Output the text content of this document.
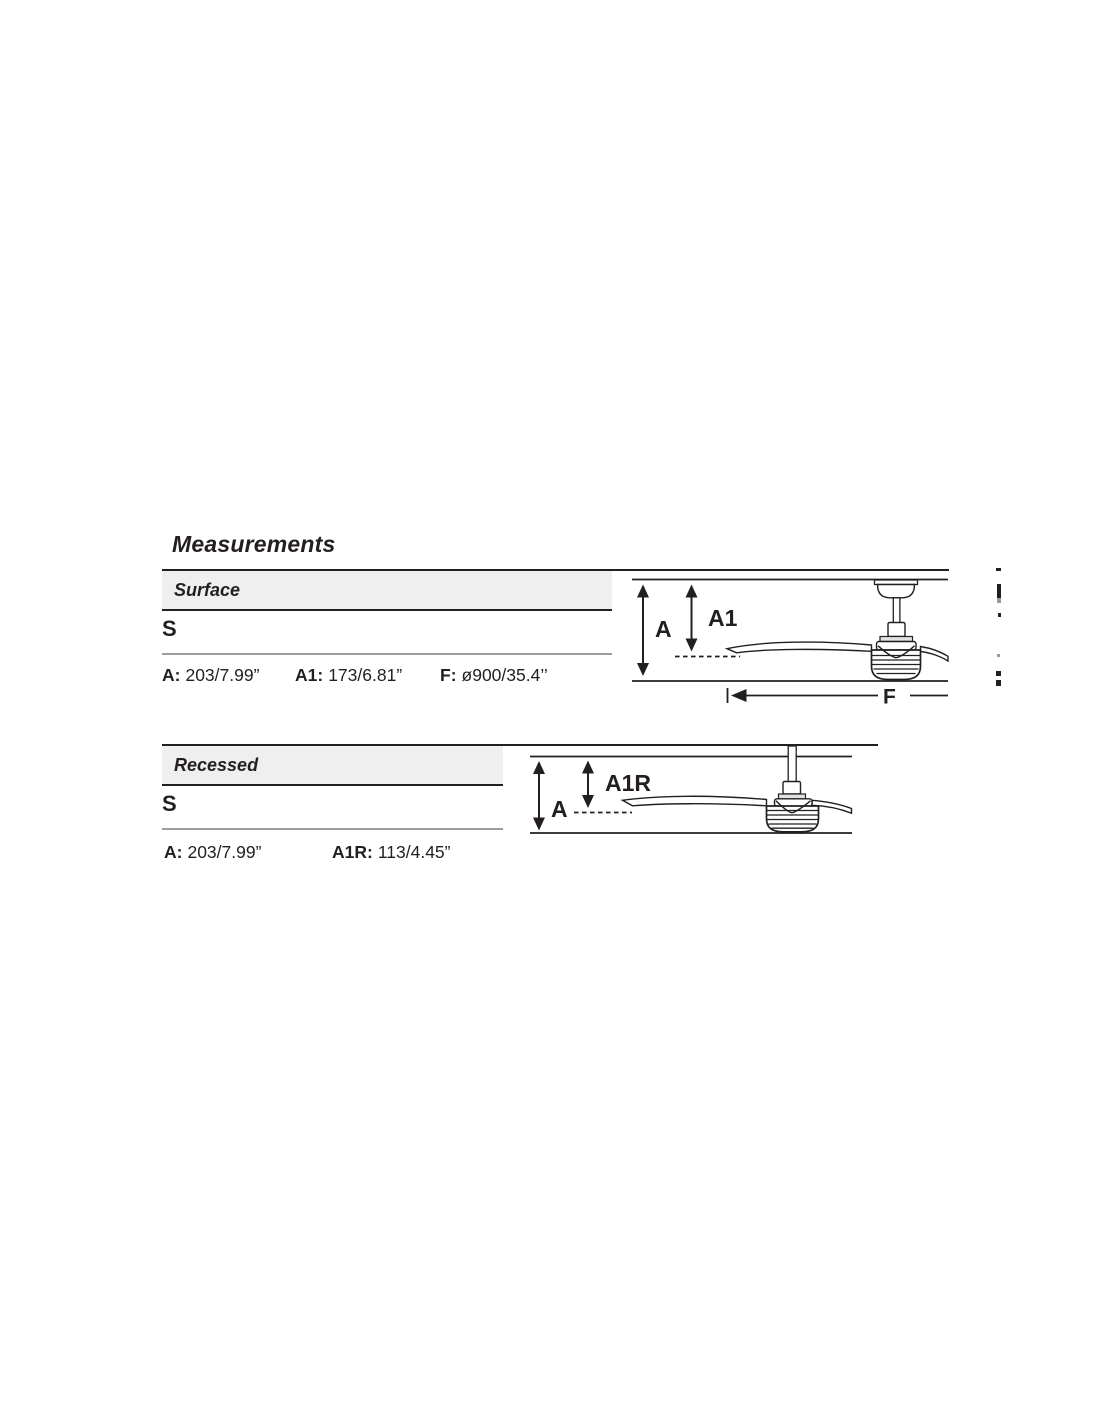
Measurements
Surface
S
A: 203/7.99” A1: 173/6.81” F: ø900/35.4’’
A A1
F
Recessed
S
A: 203/7.99”	A1R: 113/4.45”
A
A1R
